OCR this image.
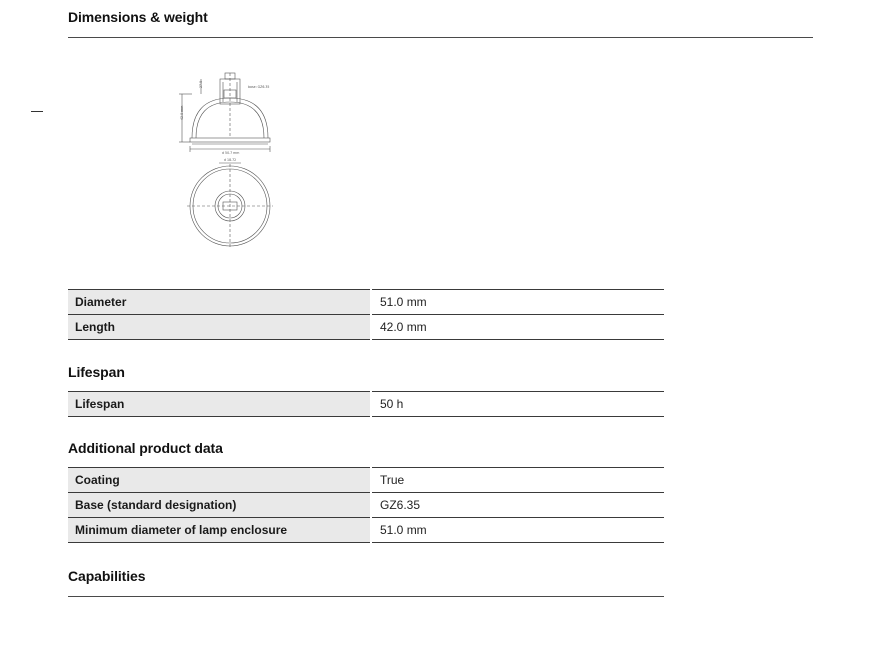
Dimensions & weight
base: GZ6.35
42.0 mm
27.5
d 50.7 mm
d 18.72
Diameter	51.0 mm
Length	42.0 mm
Lifespan
Lifespan	50 h
Additional product data
Coating	True
Base (standard designation)	GZ6.35
Minimum diameter of lamp enclosure	51.0 mm
Capabilities
